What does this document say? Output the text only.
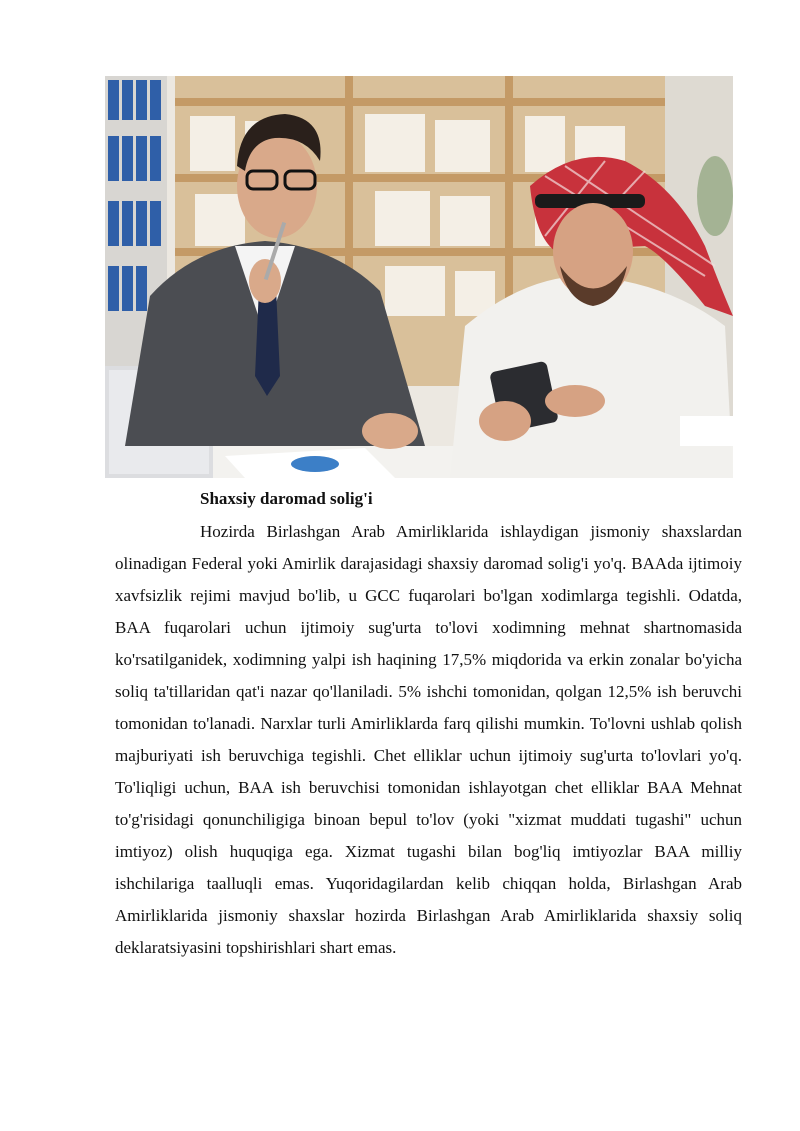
Shaxsiy daromad solig'i

Hozirda Birlashgan Arab Amirliklarida ishlaydigan jismoniy shaxslardan olinadigan Federal yoki Amirlik darajasidagi shaxsiy daromad solig'i yo'q. BAAda ijtimoiy xavfsizlik rejimi mavjud bo'lib, u GCC fuqarolari bo'lgan xodimlarga tegishli. Odatda, BAA fuqarolari uchun ijtimoiy sug'urta to'lovi xodimning mehnat shartnomasida ko'rsatilganidek, xodimning yalpi ish haqining 17,5% miqdorida va erkin zonalar bo'yicha soliq ta'tillaridan qat'i nazar qo'llaniladi. 5% ishchi tomonidan, qolgan 12,5% ish beruvchi tomonidan to'lanadi. Narxlar turli Amirliklarda farq qilishi mumkin. To'lovni ushlab qolish majburiyati ish beruvchiga tegishli. Chet elliklar uchun ijtimoiy sug'urta to'lovlari yo'q. To'liqligi uchun, BAA ish beruvchisi tomonidan ishlayotgan chet elliklar BAA Mehnat to'g'risidagi qonunchiligiga binoan bepul to'lov (yoki "xizmat muddati tugashi" uchun imtiyoz) olish huquqiga ega. Xizmat tugashi bilan bog'liq imtiyozlar BAA milliy ishchilariga taalluqli emas. Yuqoridagilardan kelib chiqqan holda, Birlashgan Arab Amirliklarida jismoniy shaxslar hozirda Birlashgan Arab Amirliklarida shaxsiy soliq deklaratsiyasini topshirishlari shart emas.
